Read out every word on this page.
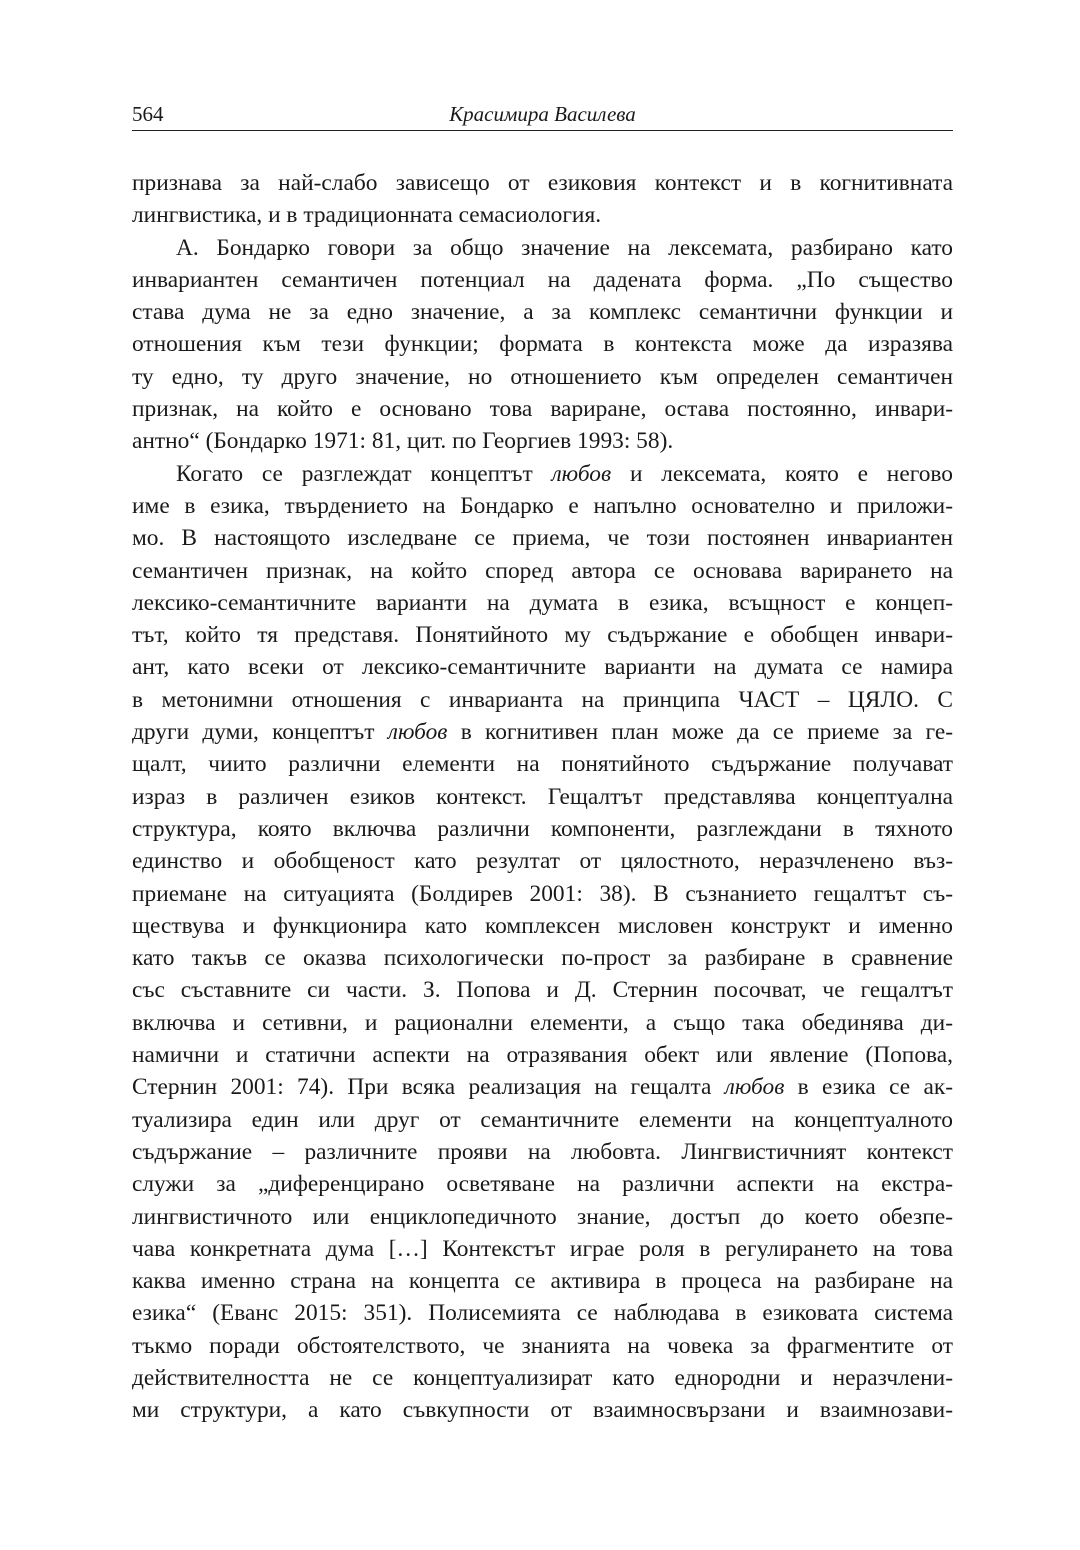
564	Красимира Василева
признава за най-слабо зависещо от езиковия контекст и в когнитивната
лингвистика, и в традиционната семасиология.
А. Бондарко говори за общо значение на лексемата, разбирано като
инвариантен семантичен потенциал на дадената форма. „По същество
става дума не за едно значение, а за комплекс семантични функции и
отношения към тези функции; формата в контекста може да изразява
ту едно, ту друго значение, но отношението към определен семантичен
признак, на който е основано това вариране, остава постоянно, инвари-
антно“ (Бондарко 1971: 81, цит. по Георгиев 1993: 58).
Когато се разглеждат концептът любов и лексемата, която е негово
име в езика, твърдението на Бондарко е напълно основателно и приложи-
мо. В настоящото изследване се приема, че този постоянен инвариантен
семантичен признак, на който според автора се основава варирането на
лексико-семантичните варианти на думата в езика, всъщност е концеп-
тът, който тя представя. Понятийното му съдържание е обобщен инвари-
ант, като всеки от лексико-семантичните варианти на думата се намира
в метонимни отношения с инварианта на принципа ЧАСТ – ЦЯЛО. С
други думи, концептът любов в когнитивен план може да се приеме за ге-
щалт, чиито различни елементи на понятийното съдържание получават
израз в различен езиков контекст. Гещалтът представлява концептуална
структура, която включва различни компоненти, разглеждани в тяхното
единство и обобщеност като резултат от цялостното, неразчленено въз-
приемане на ситуацията (Болдирев 2001: 38). В съзнанието гещалтът съ-
ществува и функционира като комплексен мисловен конструкт и именно
като такъв се оказва психологически по-прост за разбиране в сравнение
със съставните си части. З. Попова и Д. Стернин посочват, че гещалтът
включва и сетивни, и рационални елементи, а също така обединява ди-
намични и статични аспекти на отразявания обект или явление (Попова,
Стернин 2001: 74). При всяка реализация на гещалта любов в езика се ак-
туализира един или друг от семантичните елементи на концептуалното
съдържание – различните прояви на любовта. Лингвистичният контекст
служи за „диференцирано осветяване на различни аспекти на екстра-
лингвистичното или енциклопедичното знание, достъп до което обезпе-
чава конкретната дума […] Контекстът играе роля в регулирането на това
каква именно страна на концепта се активира в процеса на разбиране на
езика“ (Еванс 2015: 351). Полисемията се наблюдава в езиковата система
тъкмо поради обстоятелството, че знанията на човека за фрагментите от
действителността не се концептуализират като еднородни и неразчлени-
ми структури, а като съвкупности от взаимносвързани и взаимнозави-
